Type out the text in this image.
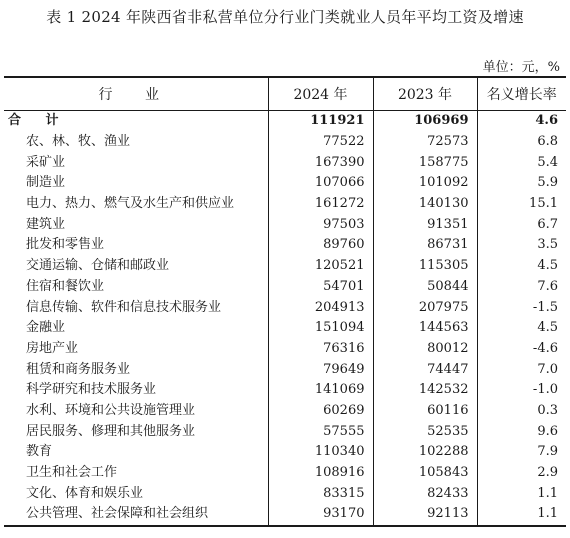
表 1 2024 年陕西省非私营单位分行业门类就业人员年平均工资及增速
单位：元，%
行 业	2024 年	2023 年	名义增长率
合 计	111921	106969	4.6
农、林、牧、渔业	77522	72573	6.8
采矿业	167390	158775	5.4
制造业	107066	101092	5.9
电力、热力、燃气及水生产和供应业	161272	140130	15.1
建筑业	97503	91351	6.7
批发和零售业	89760	86731	3.5
交通运输、仓储和邮政业	120521	115305	4.5
住宿和餐饮业	54701	50844	7.6
信息传输、软件和信息技术服务业	204913	207975	-1.5
金融业	151094	144563	4.5
房地产业	76316	80012	-4.6
租赁和商务服务业	79649	74447	7.0
科学研究和技术服务业	141069	142532	-1.0
水利、环境和公共设施管理业	60269	60116	0.3
居民服务、修理和其他服务业	57555	52535	9.6
教育	110340	102288	7.9
卫生和社会工作	108916	105843	2.9
文化、体育和娱乐业	83315	82433	1.1
公共管理、社会保障和社会组织	93170	92113	1.1
